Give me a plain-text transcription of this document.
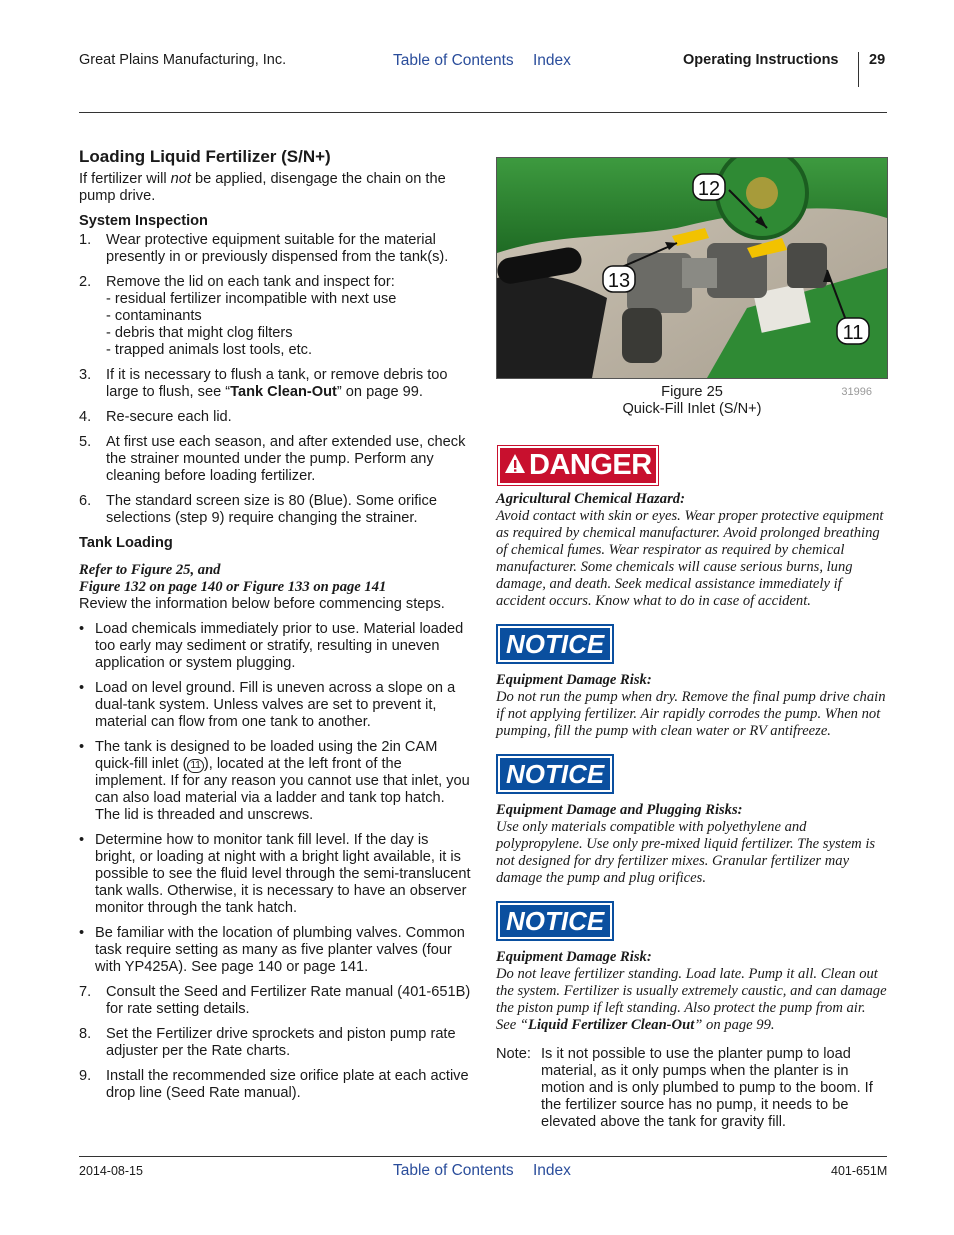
Great Plains Manufacturing, Inc.	Table of Contents Index	Operating Instructions 29
Loading Liquid Fertilizer (S/N+)

If fertilizer will not be applied, disengage the chain on the pump drive.

System Inspection
1. Wear protective equipment suitable for the material presently in or previously dispensed from the tank(s).
2. Remove the lid on each tank and inspect for:
- residual fertilizer incompatible with next use
- contaminants
- debris that might clog filters
- trapped animals lost tools, etc.
3. If it is necessary to flush a tank, or remove debris too large to flush, see “Tank Clean-Out” on page 99.
4. Re-secure each lid.
5. At first use each season, and after extended use, check the strainer mounted under the pump. Perform any cleaning before loading fertilizer.
6. The standard screen size is 80 (Blue). Some orifice selections (step 9) require changing the strainer.
Tank Loading
Refer to Figure 25, and
Figure 132 on page 140 or Figure 133 on page 141

Review the information below before commencing steps.

• Load chemicals immediately prior to use. Material loaded too early may sediment or stratify, resulting in uneven application or system plugging.
• Load on level ground. Fill is uneven across a slope on a dual-tank system. Unless valves are set to prevent it, material can flow from one tank to another.
• The tank is designed to be loaded using the 2in CAM quick-fill inlet ( 11 ), located at the left front of the implement. If for any reason you cannot use that inlet, you can also load material via a ladder and tank top hatch. The lid is threaded and unscrews.
• Determine how to monitor tank fill level. If the day is bright, or loading at night with a bright light available, it is possible to see the fluid level through the semi-translucent tank walls. Otherwise, it is necessary to have an observer monitor through the tank hatch.
• Be familiar with the location of plumbing valves. Common task require setting as many as five planter valves (four with YP425A). See page 140 or page 141.
7. Consult the Seed and Fertilizer Rate manual (401-651B) for rate setting details.
8. Set the Fertilizer drive sprockets and piston pump rate adjuster per the Rate charts.
9. Install the recommended size orifice plate at each active drop line (Seed Rate manual).
12
13
11
Figure 25
Quick-Fill Inlet (S/N+)
31996
DANGER
Agricultural Chemical Hazard:
Avoid contact with skin or eyes. Wear proper protective equipment as required by chemical manufacturer. Avoid prolonged breathing of chemical fumes. Wear respirator as required by chemical manufacturer. Some chemicals will cause serious burns, lung damage, and death. Seek medical assistance immediately if accident occurs. Know what to do in case of accident.
NOTICE
Equipment Damage Risk:
Do not run the pump when dry. Remove the final pump drive chain if not applying fertilizer. Air rapidly corrodes the pump. When not pumping, fill the pump with clean water or RV antifreeze.
NOTICE
Equipment Damage and Plugging Risks:
Use only materials compatible with polyethylene and polypropylene. Use only pre-mixed liquid fertilizer. The system is not designed for dry fertilizer mixes. Granular fertilizer may damage the pump and plug orifices.
NOTICE
Equipment Damage Risk:
Do not leave fertilizer standing. Load late. Pump it all. Clean out the system. Fertilizer is usually extremely caustic, and can damage the piston pump if left standing. Also protect the pump from air. See “Liquid Fertilizer Clean-Out” on page 99.
Note: Is it not possible to use the planter pump to load material, as it only pumps when the planter is in motion and is only plumbed to pump to the boom. If the fertilizer source has no pump, it needs to be elevated above the tank for gravity fill.
2014-08-15	Table of Contents Index	401-651M
